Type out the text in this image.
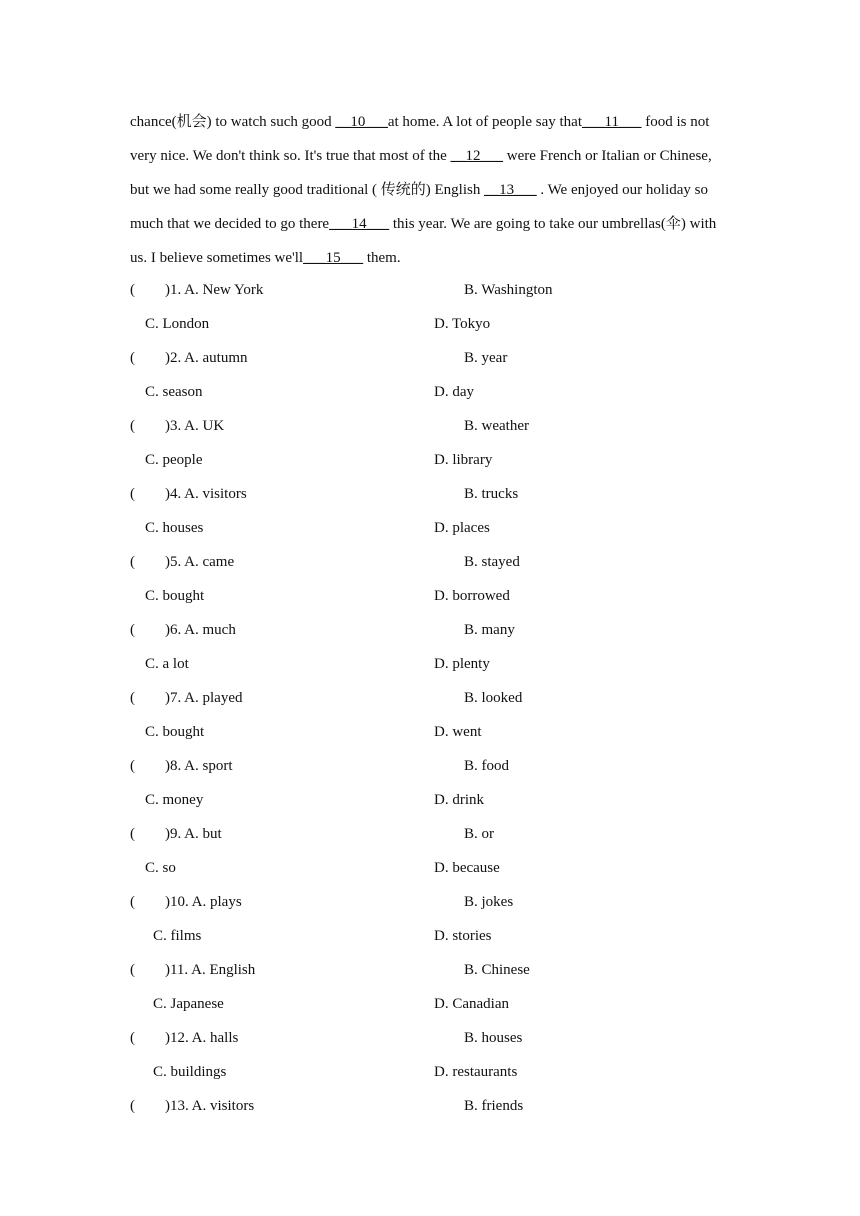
chance(机会) to watch such good __10___at home. A lot of people say that___11___ food is not
very nice. We don't think so. It's true that most of the __12___ were French or Italian or Chinese,
but we had some really good traditional ( 传统的) English __13___ . We enjoyed our holiday so
much that we decided to go there___14___ this year. We are going to take our umbrellas(伞) with
us. I believe sometimes we'll___15___ them.
(        )1. A. New York	B. Washington
C. London	D. Tokyo
(        )2. A. autumn	B. year
C. season	D. day
(        )3. A. UK	B. weather
C. people	D. library
(        )4. A. visitors	B. trucks
C. houses	D. places
(        )5. A. came	B. stayed
C. bought	D. borrowed
(        )6. A. much	B. many
C. a lot	D. plenty
(        )7. A. played	B. looked
C. bought	D. went
(        )8. A. sport	B. food
C. money	D. drink
(        )9. A. but	B. or
C. so	D. because
(        )10. A. plays	B. jokes
C. films	D. stories
(        )11. A. English	B. Chinese
C. Japanese	D. Canadian
(        )12. A. halls	B. houses
C. buildings	D. restaurants
(        )13. A. visitors	B. friends
